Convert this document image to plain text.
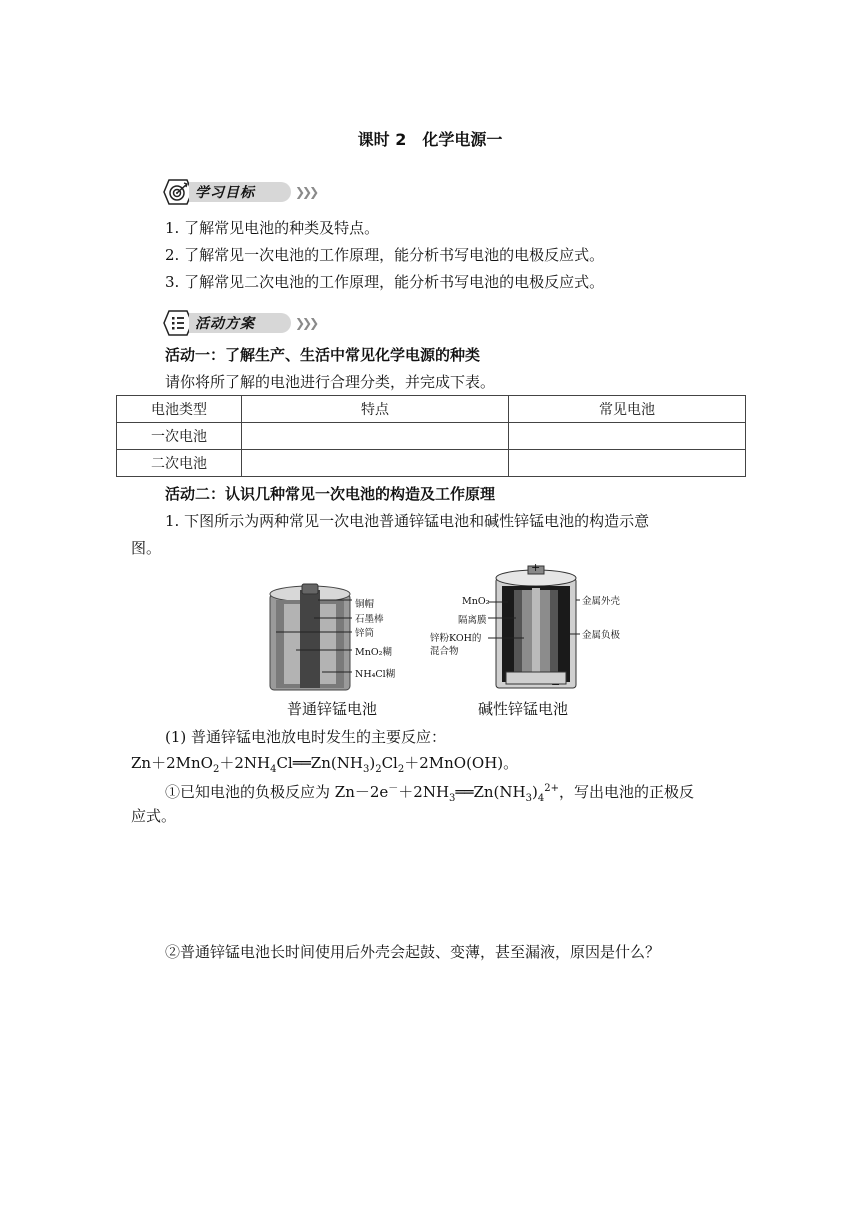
课时 2　化学电源一
学习目标	❯❯❯
1. 了解常见电池的种类及特点。
2. 了解常见一次电池的工作原理，能分析书写电池的电极反应式。
3. 了解常见二次电池的工作原理，能分析书写电池的电极反应式。
活动方案	❯❯❯
活动一：了解生产、生活中常见化学电源的种类
请你将所了解的电池进行合理分类，并完成下表。
电池类型	特点	常见电池
一次电池		
二次电池		
活动二：认识几种常见一次电池的构造及工作原理
1. 下图所示为两种常见一次电池普通锌锰电池和碱性锌锰电池的构造示意
图。
铜帽
石墨棒
锌筒
MnO₂糊
NH₄Cl糊
普通锌锰电池
+
−
MnO₂
隔离膜
锌粉KOH的
混合物
金属外壳
金属负极
碱性锌锰电池
(1) 普通锌锰电池放电时发生的主要反应：
$Zn+2MnO_2+2NH_4Cl══Zn(NH_3)_2Cl_2+2MnO(OH)$。
①已知电池的负极反应为 $Zn-2e^-+2NH_3══Zn(NH_3)_4^{2+}$，写出电池的正极反
应式。
②普通锌锰电池长时间使用后外壳会起鼓、变薄，甚至漏液，原因是什么？
